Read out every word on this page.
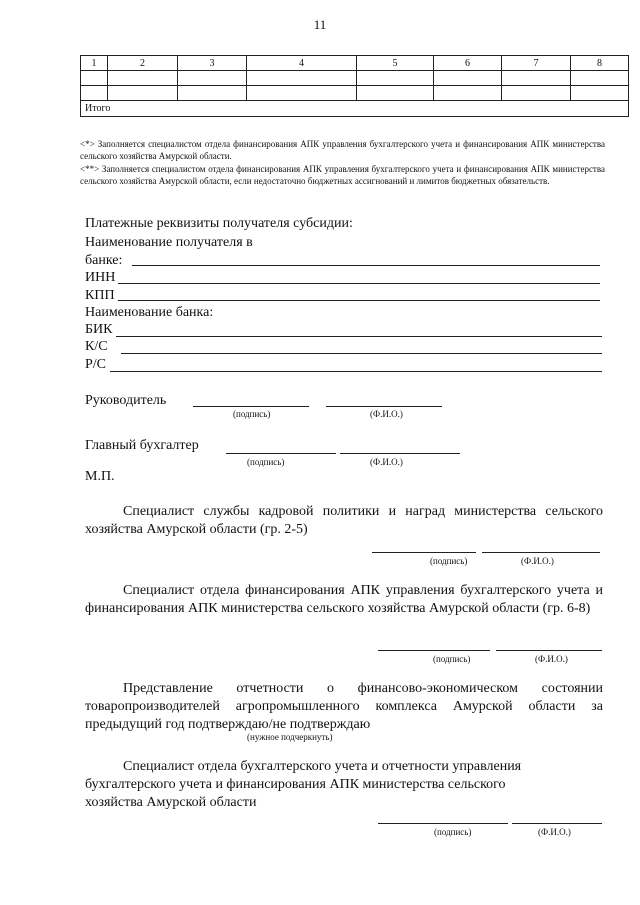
11
1	2	3	4	5	6	7	8

Итого							
<*> Заполняется специалистом отдела финансирования АПК управления бухгалтерского учета и финансирования АПК министерства сельского хозяйства Амурской области.
<**> Заполняется специалистом отдела финансирования АПК управления бухгалтерского учета и финансирования АПК министерства сельского хозяйства Амурской области, если недостаточно бюджетных ассигнований и лимитов бюджетных обязательств.
Платежные реквизиты получателя субсидии:
Наименование получателя в
банке:
ИНН
КПП
Наименование банка:
БИК
К/С
Р/С
Руководитель
(подпись)	(Ф.И.О.)
Главный бухгалтер
(подпись)	(Ф.И.О.)
М.П.
Специалист службы кадровой политики и наград министерства сельского хозяйства Амурской области (гр. 2-5)
(подпись)	(Ф.И.О.)
Специалист отдела финансирования АПК управления бухгалтерского учета и финансирования АПК министерства сельского хозяйства Амурской области (гр. 6-8)
(подпись)	(Ф.И.О.)
Представление отчетности о финансово-экономическом состоянии товаропроизводителей агропромышленного комплекса Амурской области за предыдущий год подтверждаю/не подтверждаю
(нужное подчеркнуть)
Специалист отдела бухгалтерского учета и отчетности управления бухгалтерского учета и финансирования АПК министерства сельского хозяйства Амурской области
(подпись)	(Ф.И.О.)
